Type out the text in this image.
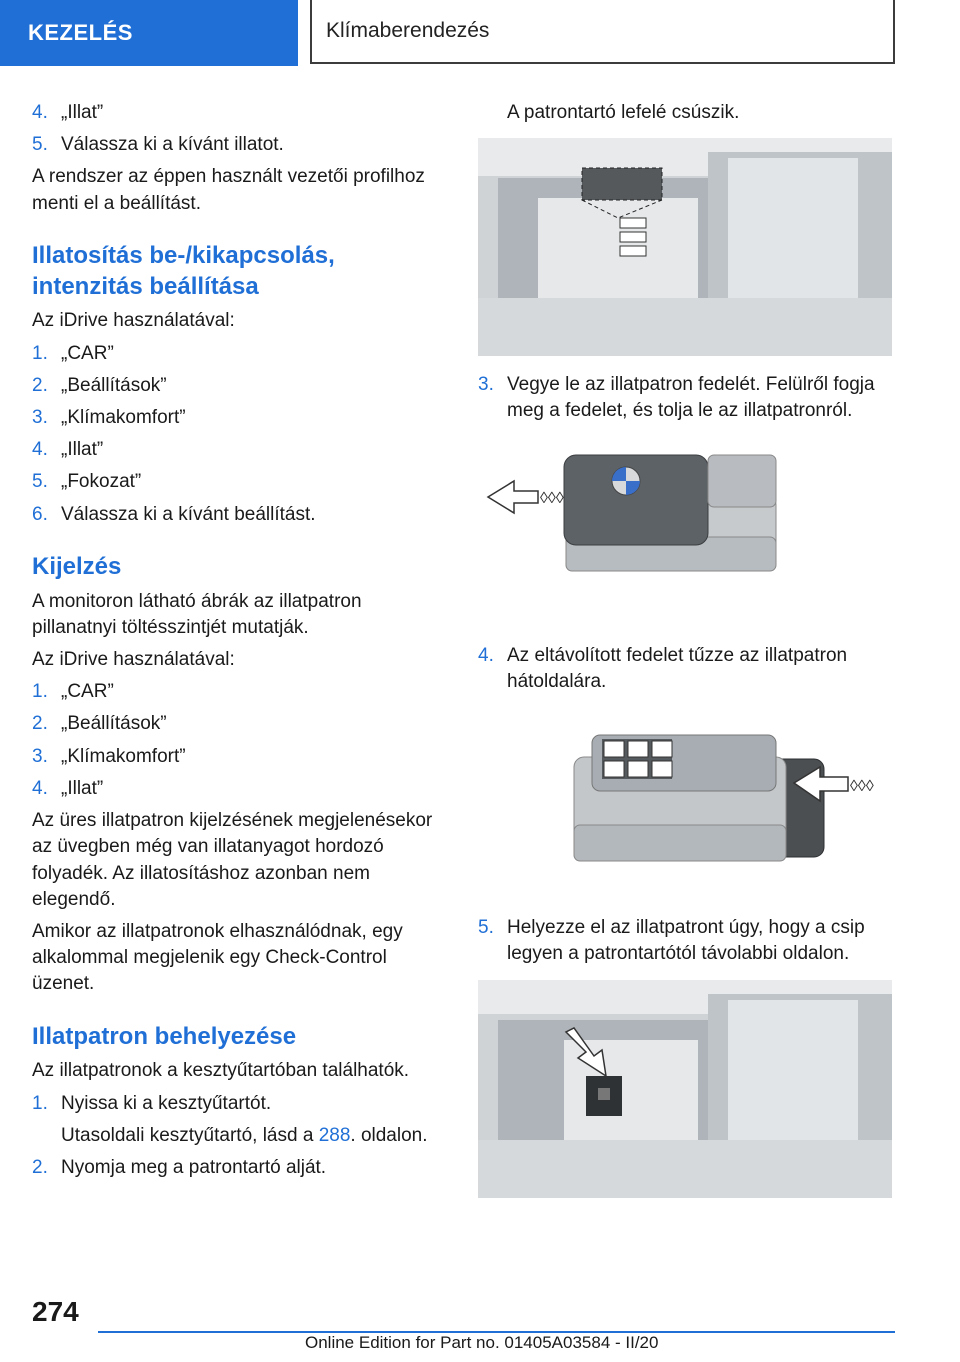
KEZELÉS	Klímaberendezés
4. „Illat”
5. Válassza ki a kívánt illatot.

A rendszer az éppen használt vezetői profilhoz menti el a beállítást.

Illatosítás be-/kikapcsolás, intenzitás beállítása

Az iDrive használatával:

1. „CAR”
2. „Beállítások”
3. „Klímakomfort”
4. „Illat”
5. „Fokozat”
6. Válassza ki a kívánt beállítást.
Kijelzés

A monitoron látható ábrák az illatpatron pillanatnyi töltésszintjét mutatják.

Az iDrive használatával:

1. „CAR”
2. „Beállítások”
3. „Klímakomfort”
4. „Illat”

Az üres illatpatron kijelzésének megjelenésekor az üvegben még van illatanyagot hordozó folyadék. Az illatosításhoz azonban nem elegendő.

Amikor az illatpatronok elhasználódnak, egy alkalommal megjelenik egy Check-Control üzenet.

Illatpatron behelyezése

Az illatpatronok a kesztyűtartóban találhatók.

1. Nyissa ki a kesztyűtartót.

Utasoldali kesztyűtartó, lásd a 288. oldalon.

2. Nyomja meg a patrontartó alját.

A patrontartó lefelé csúszik.

3. Vegye le az illatpatron fedelét. Felülről fogja meg a fedelet, és tolja le az illatpatronról.
◊◊◊
4. Az eltávolított fedelet tűzze az illatpatron hátoldalára.
◊◊◊
5. Helyezze el az illatpatront úgy, hogy a csip legyen a patrontartótól távolabbi oldalon.
274
Online Edition for Part no. 01405A03584 - II/20
